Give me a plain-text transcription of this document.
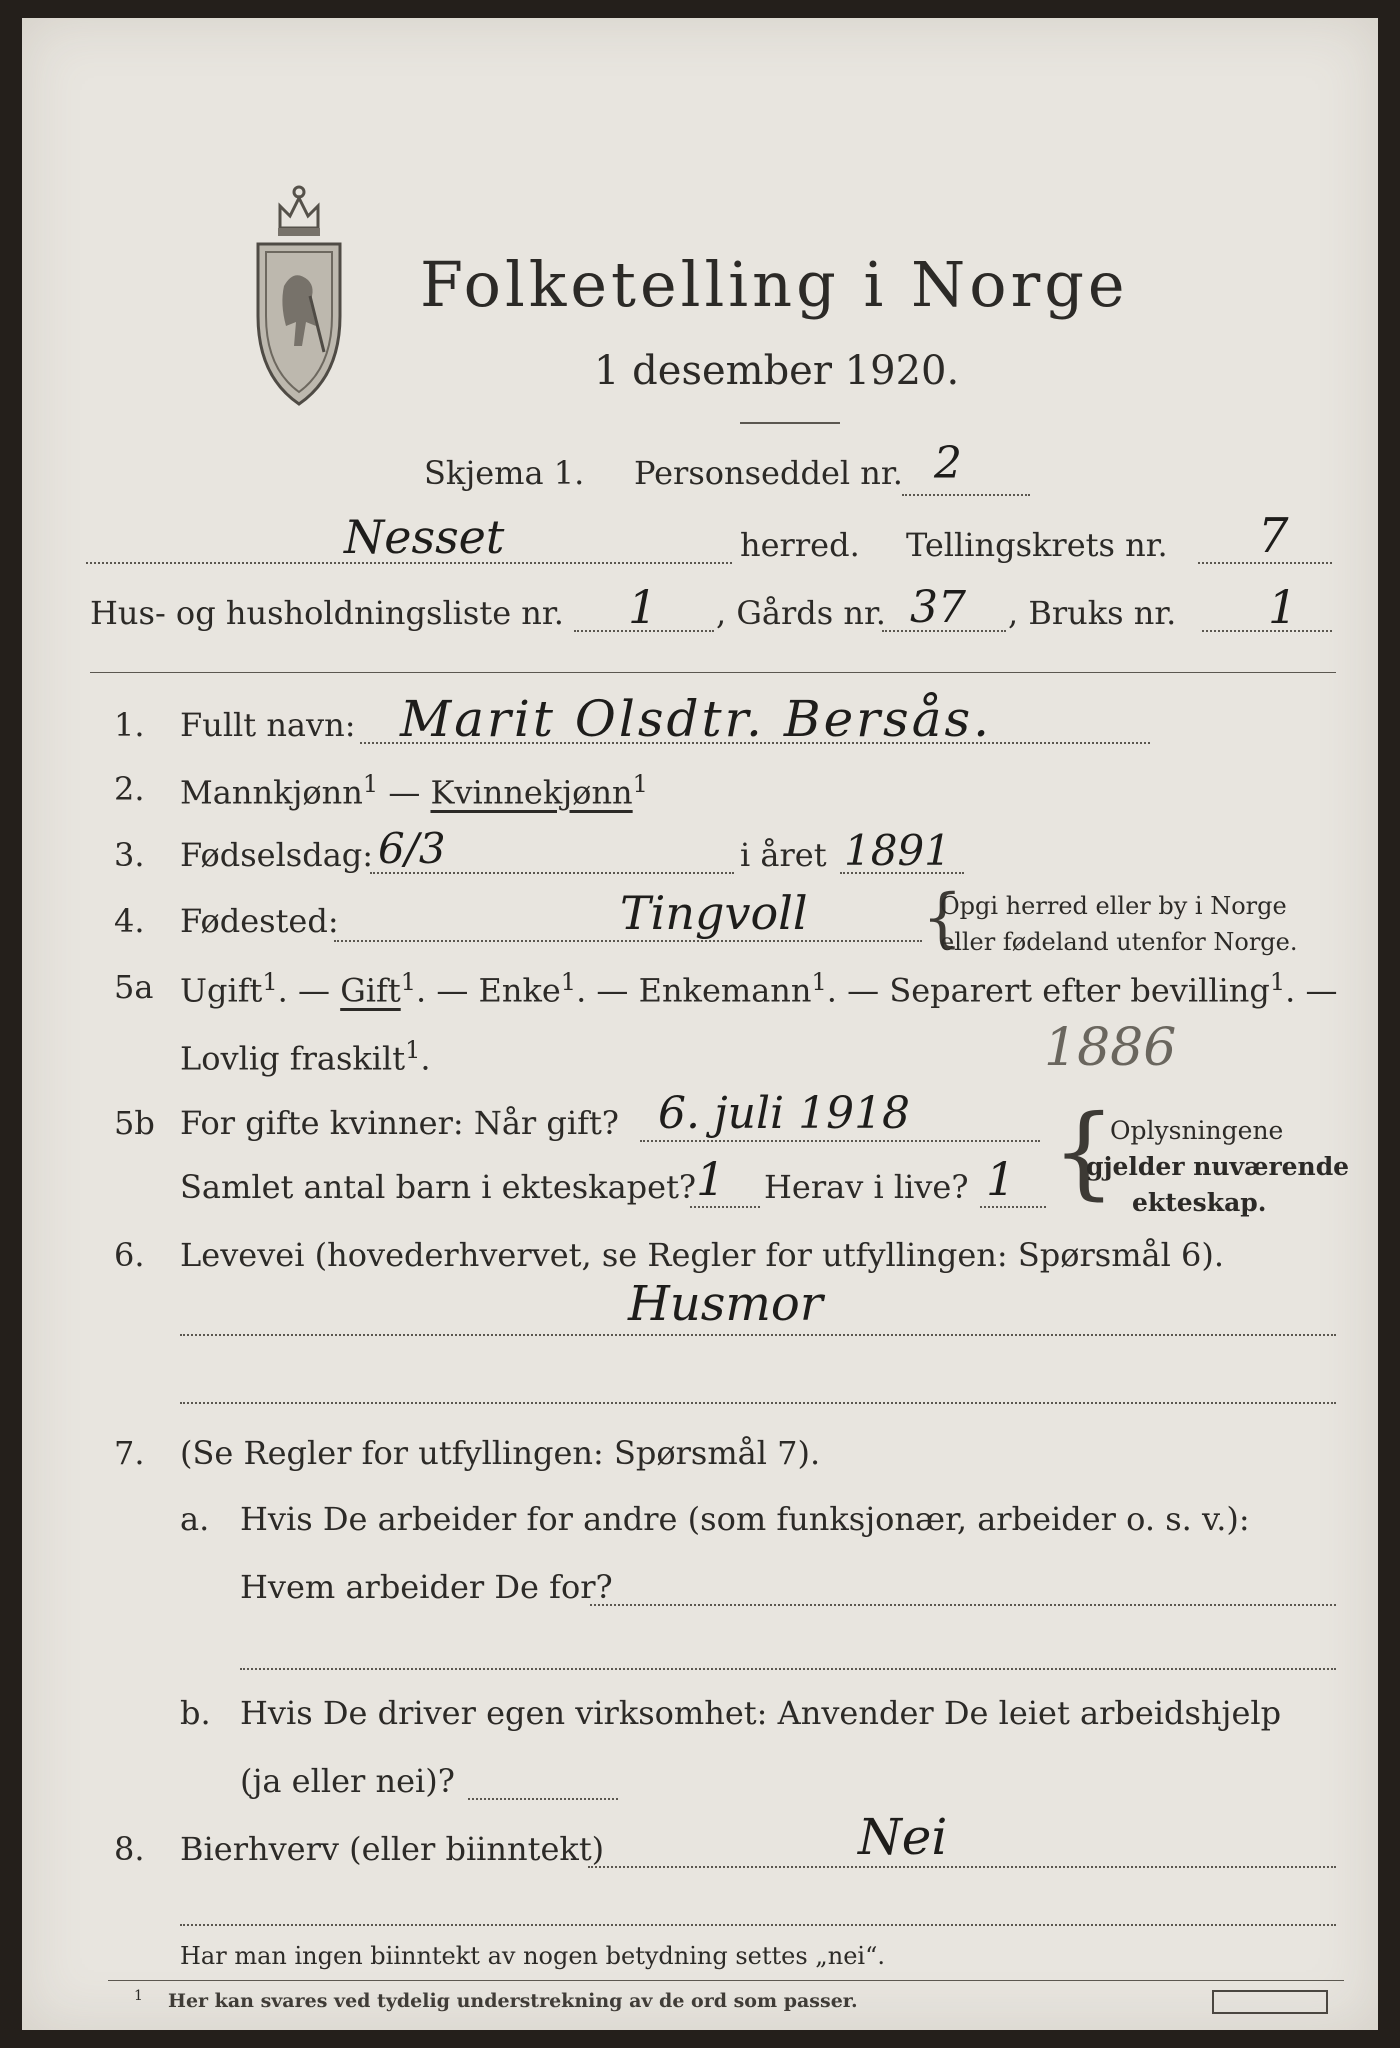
Folketelling i Norge
1 desember 1920.
Skjema 1. Personseddel nr. 2
Nesset	herred. Tellingskrets nr. 7
Hus- og husholdningsliste nr. 1 , Gårds nr. 37 , Bruks nr. 1
1. Fullt navn: Marit Olsdtr. Bersås.
2. Mannkjønn$^1$ — Kvinnekjønn$^1$
3. Fødselsdag: 6/3	i året 1891
4. Fødested:	Tingvoll {
Opgi herred eller by i Norge
eller fødeland utenfor Norge.
5a Ugift$^1$. — Gift$^1$. — Enke$^1$. — Enkemann$^1$. — Separert efter bevilling$^1$. —
Lovlig fraskilt$^1$.	1886
5b For gifte kvinner: Når gift? 6. juli 1918
Samlet antal barn i ekteskapet? 1 Herav i live? 1 {
Oplysningene
gjelder nuværende
ekteskap.
6. Levevei (hovederhvervet, se Regler for utfyllingen: Spørsmål 6).
Husmor
7. (Se Regler for utfyllingen: Spørsmål 7).
a. Hvis De arbeider for andre (som funksjonær, arbeider o. s. v.):
Hvem arbeider De for?
b. Hvis De driver egen virksomhet: Anvender De leiet arbeidshjelp
(ja eller nei)?
8. Bierhverv (eller biinntekt)	Nei
Har man ingen biinntekt av nogen betydning settes „nei“.
1 Her kan svares ved tydelig understrekning av de ord som passer.
